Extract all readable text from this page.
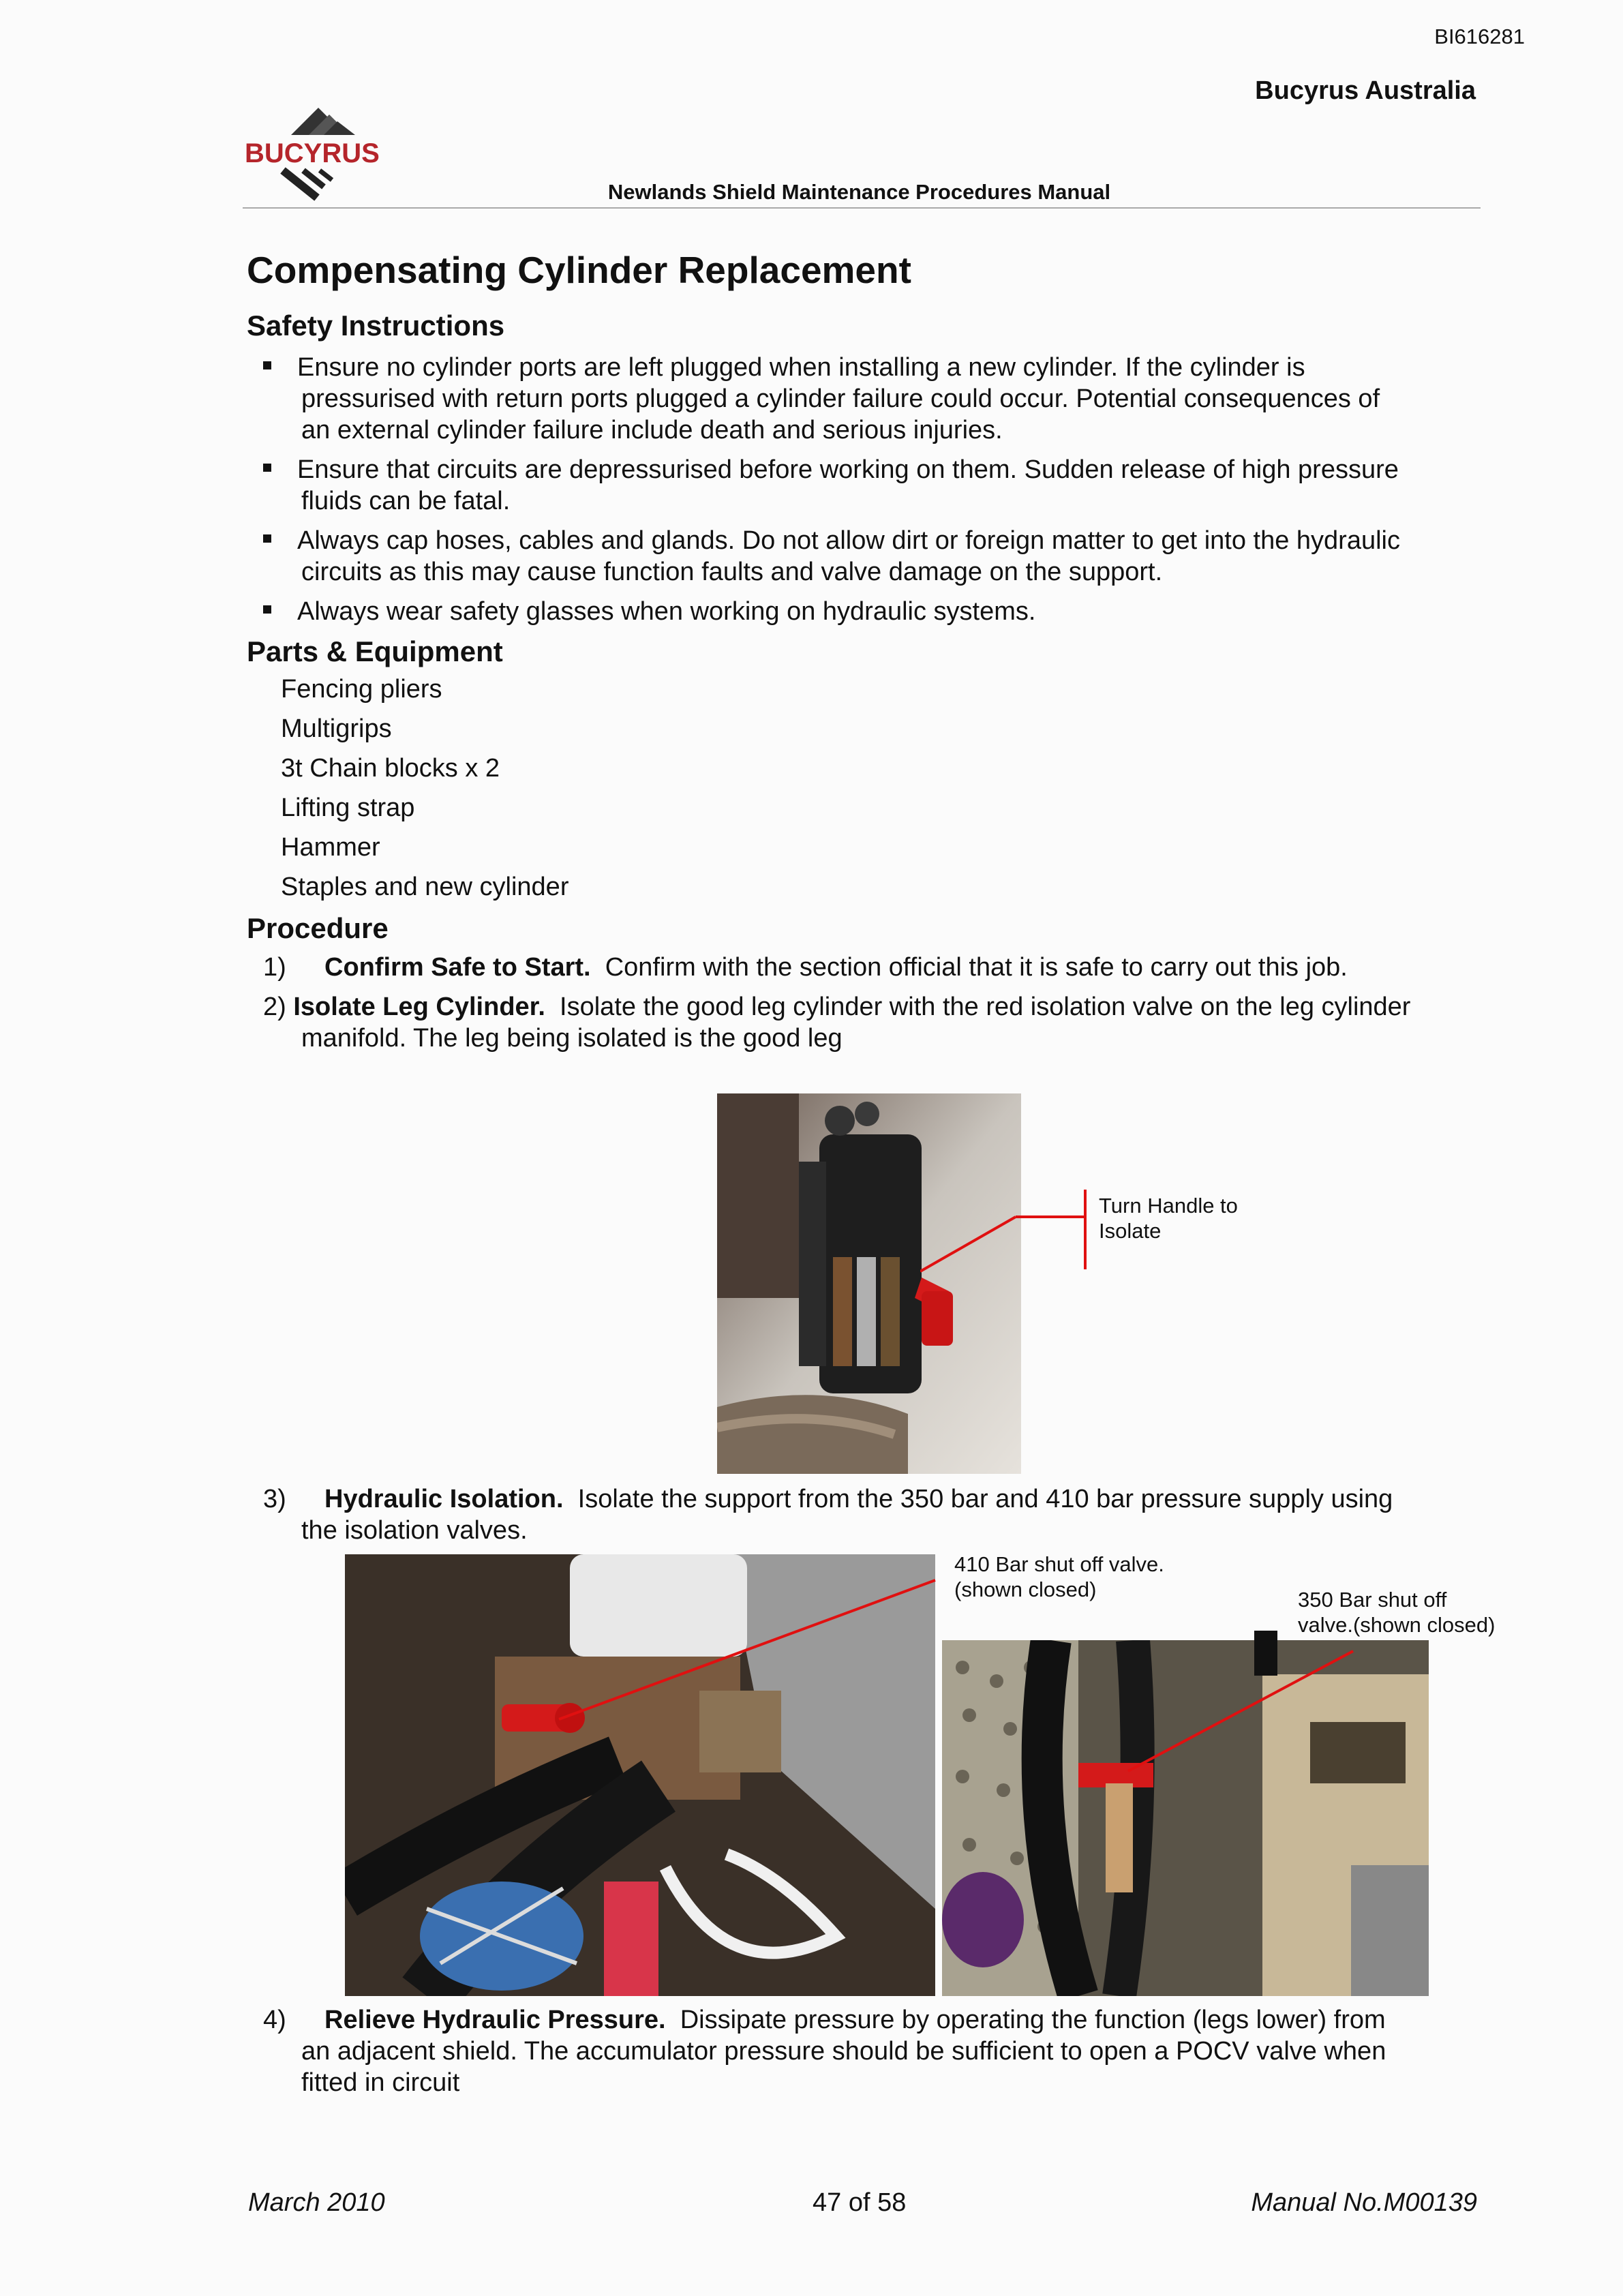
BI616281
Bucyrus Australia
BUCYRUS
Newlands Shield Maintenance Procedures Manual
Compensating Cylinder Replacement
Safety Instructions
Ensure no cylinder ports are left plugged when installing a new cylinder. If the cylinder is
pressurised with return ports plugged a cylinder failure could occur. Potential consequences of
an external cylinder failure include death and serious injuries.
Ensure that circuits are depressurised before working on them. Sudden release of high pressure
fluids can be fatal.
Always cap hoses, cables and glands. Do not allow dirt or foreign matter to get into the hydraulic
circuits as this may cause function faults and valve damage on the support.
Always wear safety glasses when working on hydraulic systems.
Parts & Equipment
Fencing pliers
Multigrips
3t Chain blocks x 2
Lifting strap
Hammer
Staples and new cylinder
Procedure
1) Confirm Safe to Start. Confirm with the section official that it is safe to carry out this job.
2) Isolate Leg Cylinder. Isolate the good leg cylinder with the red isolation valve on the leg cylinder
manifold. The leg being isolated is the good leg
Turn Handle to
Isolate
3) Hydraulic Isolation. Isolate the support from the 350 bar and 410 bar pressure supply using
the isolation valves.
410 Bar shut off valve.
(shown closed)	350 Bar shut off
valve.(shown closed)
4) Relieve Hydraulic Pressure. Dissipate pressure by operating the function (legs lower) from
an adjacent shield. The accumulator pressure should be sufficient to open a POCV valve when
fitted in circuit
March 2010	47 of 58	Manual No.M00139
